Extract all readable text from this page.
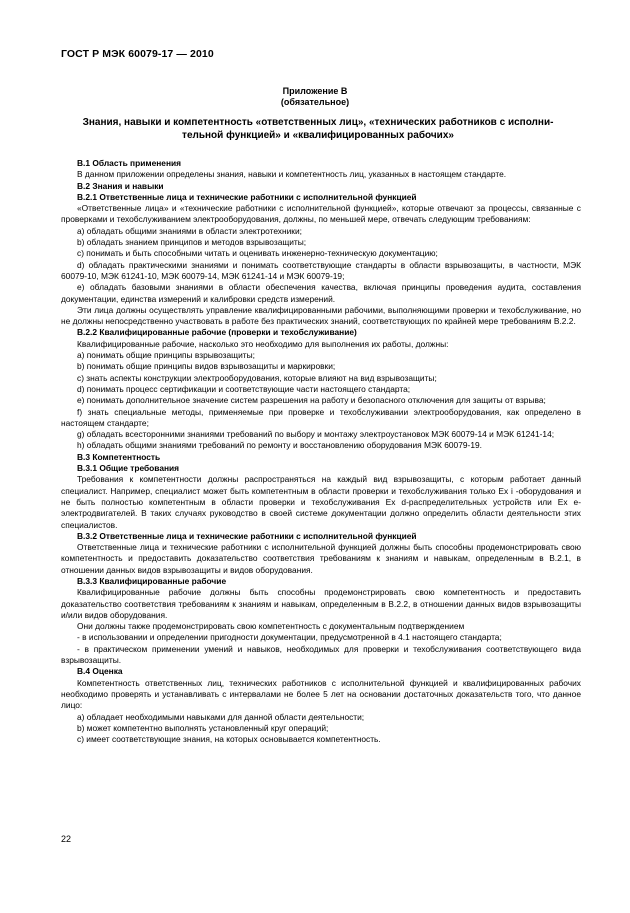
ГОСТ Р МЭК 60079-17 — 2010
Приложение В
(обязательное)
Знания, навыки и компетентность «ответственных лиц», «технических работников с исполни-
тельной функцией» и «квалифицированных рабочих»

В.1 Область применения

В данном приложении определены знания, навыки и компетентность лиц, указанных в настоящем стандарте.

В.2 Знания и навыки

В.2.1 Ответственные лица и технические работники с исполнительной функцией

«Ответственные лица» и «технические работники с исполнительной функцией», которые отвечают за процессы, связанные с проверками и техобслуживанием электрооборудования, должны, по меньшей мере, отвечать следующим требованиям:

a) обладать общими знаниями в области электротехники;

b) обладать знанием принципов и методов взрывозащиты;

c) понимать и быть способными читать и оценивать инженерно-техническую документацию;

d) обладать практическими знаниями и понимать соответствующие стандарты в области взрывозащиты, в частности, МЭК 60079-10, МЭК 61241-10, МЭК 60079-14, МЭК 61241-14 и МЭК 60079-19;

e) обладать базовыми знаниями в области обеспечения качества, включая принципы проведения аудита, составления документации, единства измерений и калибровки средств измерений.

Эти лица должны осуществлять управление квалифицированными рабочими, выполняющими проверки и техобслуживание, но не должны непосредственно участвовать в работе без практических знаний, соответствующих по крайней мере требованиям В.2.2.

В.2.2 Квалифицированные рабочие (проверки и техобслуживание)

Квалифицированные рабочие, насколько это необходимо для выполнения их работы, должны:

a) понимать общие принципы взрывозащиты;

b) понимать общие принципы видов взрывозащиты и маркировки;

c) знать аспекты конструкции электрооборудования, которые влияют на вид взрывозащиты;

d) понимать процесс сертификации и соответствующие части настоящего стандарта;

e) понимать дополнительное значение систем разрешения на работу и безопасного отключения для защиты от взрыва;

f) знать специальные методы, применяемые при проверке и техобслуживании электрооборудования, как определено в настоящем стандарте;

g) обладать всесторонними знаниями требований по выбору и монтажу электроустановок МЭК 60079-14 и МЭК 61241-14;

h) обладать общими знаниями требований по ремонту и восстановлению оборудования МЭК 60079-19.

В.3 Компетентность

В.3.1 Общие требования

Требования к компетентности должны распространяться на каждый вид взрывозащиты, с которым работает данный специалист. Например, специалист может быть компетентным в области проверки и техобслуживания только Ех i -оборудования и не быть полностью компетентным в области проверки и техобслуживания Ех d-распределительных устройств или Ех е-электродвигателей. В таких случаях руководство в своей системе документации должно определить области деятельности этих специалистов.

В.3.2 Ответственные лица и технические работники с исполнительной функцией

Ответственные лица и технические работники с исполнительной функцией должны быть способны продемонстрировать свою компетентность и предоставить доказательство соответствия требованиям к знаниям и навыкам, определенным в В.2.1, в отношении данных видов взрывозащиты и видов оборудования.

В.3.3 Квалифицированные рабочие

Квалифицированные рабочие должны быть способны продемонстрировать свою компетентность и предоставить доказательство соответствия требованиям к знаниям и навыкам, определенным в В.2.2, в отношении данных видов взрывозащиты и/или видов оборудования.

Они должны также продемонстрировать свою компетентность с документальным подтверждением

- в использовании и определении пригодности документации, предусмотренной в 4.1 настоящего стандарта;

- в практическом применении умений и навыков, необходимых для проверки и техобслуживания соответствующего вида взрывозащиты.

В.4 Оценка

Компетентность ответственных лиц, технических работников с исполнительной функцией и квалифицированных рабочих необходимо проверять и устанавливать с интервалами не более 5 лет на основании достаточных доказательств того, что данное лицо:

a) обладает необходимыми навыками для данной области деятельности;

b) может компетентно выполнять установленный круг операций;

c) имеет соответствующие знания, на которых основывается компетентность.

22
